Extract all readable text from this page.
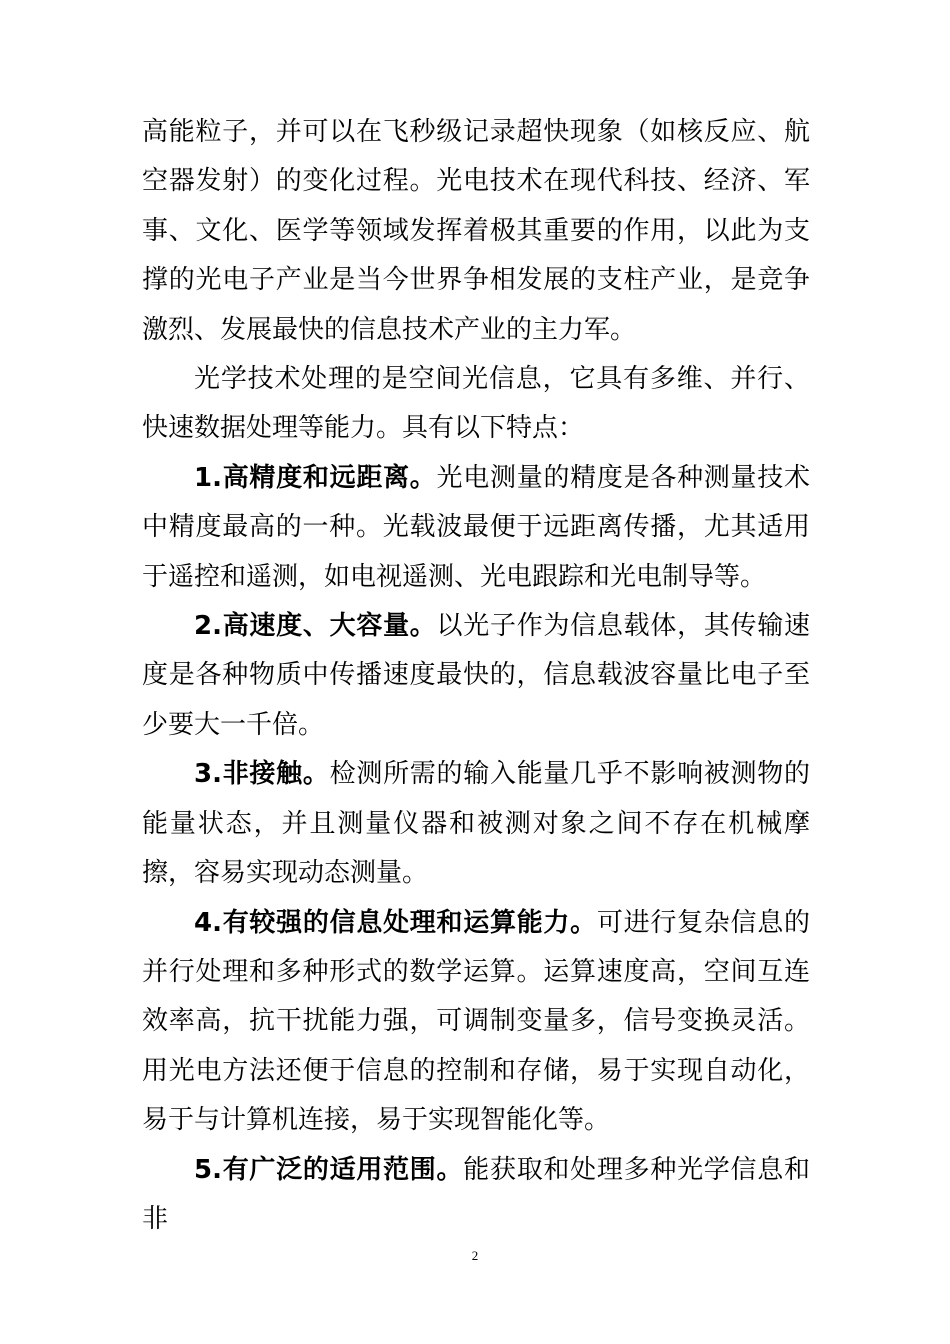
高能粒子，并可以在飞秒级记录超快现象（如核反应、航空器发射）的变化过程。光电技术在现代科技、经济、军事、文化、医学等领域发挥着极其重要的作用，以此为支撑的光电子产业是当今世界争相发展的支柱产业，是竞争激烈、发展最快的信息技术产业的主力军。

光学技术处理的是空间光信息，它具有多维、并行、快速数据处理等能力。具有以下特点：

1.高精度和远距离。光电测量的精度是各种测量技术中精度最高的一种。光载波最便于远距离传播，尤其适用于遥控和遥测，如电视遥测、光电跟踪和光电制导等。

2.高速度、大容量。以光子作为信息载体，其传输速度是各种物质中传播速度最快的，信息载波容量比电子至少要大一千倍。

3.非接触。检测所需的输入能量几乎不影响被测物的能量状态，并且测量仪器和被测对象之间不存在机械摩擦，容易实现动态测量。

4.有较强的信息处理和运算能力。可进行复杂信息的并行处理和多种形式的数学运算。运算速度高，空间互连效率高，抗干扰能力强，可调制变量多，信号变换灵活。用光电方法还便于信息的控制和存储，易于实现自动化，易于与计算机连接，易于实现智能化等。

5.有广泛的适用范围。能获取和处理多种光学信息和非

2
